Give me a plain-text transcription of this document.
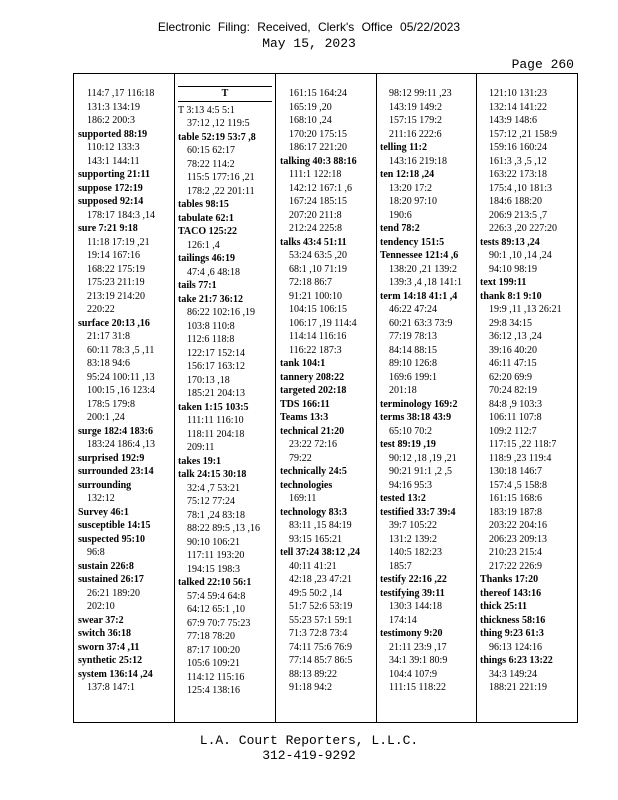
Electronic Filing: Received, Clerk's Office 05/22/2023
May 15, 2023
Page 260
114:7 ,17 116:18
131:3 134:19
186:2 200:3
supported 88:19
110:12 133:3
143:1 144:11
supporting 21:11
suppose 172:19
supposed 92:14
178:17 184:3 ,14
sure 7:21 9:18
11:18 17:19 ,21
19:14 167:16
168:22 175:19
175:23 211:19
213:19 214:20
220:22
surface 20:13 ,16
21:17 31:8
60:11 78:3 ,5 ,11
83:18 94:6
95:24 100:11 ,13
100:15 ,16 123:4
178:5 179:8
200:1 ,24
surge 182:4 183:6
183:24 186:4 ,13
surprised 192:9
surrounded 23:14
surrounding
132:12
Survey 46:1
susceptible 14:15
suspected 95:10
96:8
sustain 226:8
sustained 26:17
26:21 189:20
202:10
swear 37:2
switch 36:18
sworn 37:4 ,11
synthetic 25:12
system 136:14 ,24
137:8 147:1
T
T 3:13 4:5 5:1
37:12 ,12 119:5
table 52:19 53:7 ,8
60:15 62:17
78:22 114:2
115:5 177:16 ,21
178:2 ,22 201:11
tables 98:15
tabulate 62:1
TACO 125:22
126:1 ,4
tailings 46:19
47:4 ,6 48:18
tails 77:1
take 21:7 36:12
86:22 102:16 ,19
103:8 110:8
112:6 118:8
122:17 152:14
156:17 163:12
170:13 ,18
185:21 204:13
taken 1:15 103:5
111:11 116:10
118:11 204:18
209:11
takes 19:1
talk 24:15 30:18
32:4 ,7 53:21
75:12 77:24
78:1 ,24 83:18
88:22 89:5 ,13 ,16
90:10 106:21
117:11 193:20
194:15 198:3
talked 22:10 56:1
57:4 59:4 64:8
64:12 65:1 ,10
67:9 70:7 75:23
77:18 78:20
87:17 100:20
105:6 109:21
114:12 115:16
125:4 138:16
161:15 164:24
165:19 ,20
168:10 ,24
170:20 175:15
186:17 221:20
talking 40:3 88:16
111:1 122:18
142:12 167:1 ,6
167:24 185:15
207:20 211:8
212:24 225:8
talks 43:4 51:11
53:24 63:5 ,20
68:1 ,10 71:19
72:18 86:7
91:21 100:10
104:15 106:15
106:17 ,19 114:4
114:14 116:16
116:22 187:3
tank 104:1
tannery 208:22
targeted 202:18
TDS 166:11
Teams 13:3
technical 21:20
23:22 72:16
79:22
technically 24:5
technologies
169:11
technology 83:3
83:11 ,15 84:19
93:15 165:21
tell 37:24 38:12 ,24
40:11 41:21
42:18 ,23 47:21
49:5 50:2 ,14
51:7 52:6 53:19
55:23 57:1 59:1
71:3 72:8 73:4
74:11 75:6 76:9
77:14 85:7 86:5
88:13 89:22
91:18 94:2
98:12 99:11 ,23
143:19 149:2
157:15 179:2
211:16 222:6
telling 11:2
143:16 219:18
ten 12:18 ,24
13:20 17:2
18:20 97:10
190:6
tend 78:2
tendency 151:5
Tennessee 121:4 ,6
138:20 ,21 139:2
139:3 ,4 ,18 141:1
term 14:18 41:1 ,4
46:22 47:24
60:21 63:3 73:9
77:19 78:13
84:14 88:15
89:10 126:8
169:6 199:1
201:18
terminology 169:2
terms 38:18 43:9
65:10 70:2
test 89:19 ,19
90:12 ,18 ,19 ,21
90:21 91:1 ,2 ,5
94:16 95:3
tested 13:2
testified 33:7 39:4
39:7 105:22
131:2 139:2
140:5 182:23
185:7
testify 22:16 ,22
testifying 39:11
130:3 144:18
174:14
testimony 9:20
21:11 23:9 ,17
34:1 39:1 80:9
104:4 107:9
111:15 118:22
121:10 131:23
132:14 141:22
143:9 148:6
157:12 ,21 158:9
159:16 160:24
161:3 ,3 ,5 ,12
163:22 173:18
175:4 ,10 181:3
184:6 188:20
206:9 213:5 ,7
226:3 ,20 227:20
tests 89:13 ,24
90:1 ,10 ,14 ,24
94:10 98:19
text 199:11
thank 8:1 9:10
19:9 ,11 ,13 26:21
29:8 34:15
36:12 ,13 ,24
39:16 40:20
46:11 47:15
62:20 69:9
70:24 82:19
84:8 ,9 103:3
106:11 107:8
109:2 112:7
117:15 ,22 118:7
118:9 ,23 119:4
130:18 146:7
157:4 ,5 158:8
161:15 168:6
183:19 187:8
203:22 204:16
206:23 209:13
210:23 215:4
217:22 226:9
Thanks 17:20
thereof 143:16
thick 25:11
thickness 58:16
thing 9:23 61:3
96:13 124:16
things 6:23 13:22
34:3 149:24
188:21 221:19
L.A. Court Reporters, L.L.C.
312-419-9292
